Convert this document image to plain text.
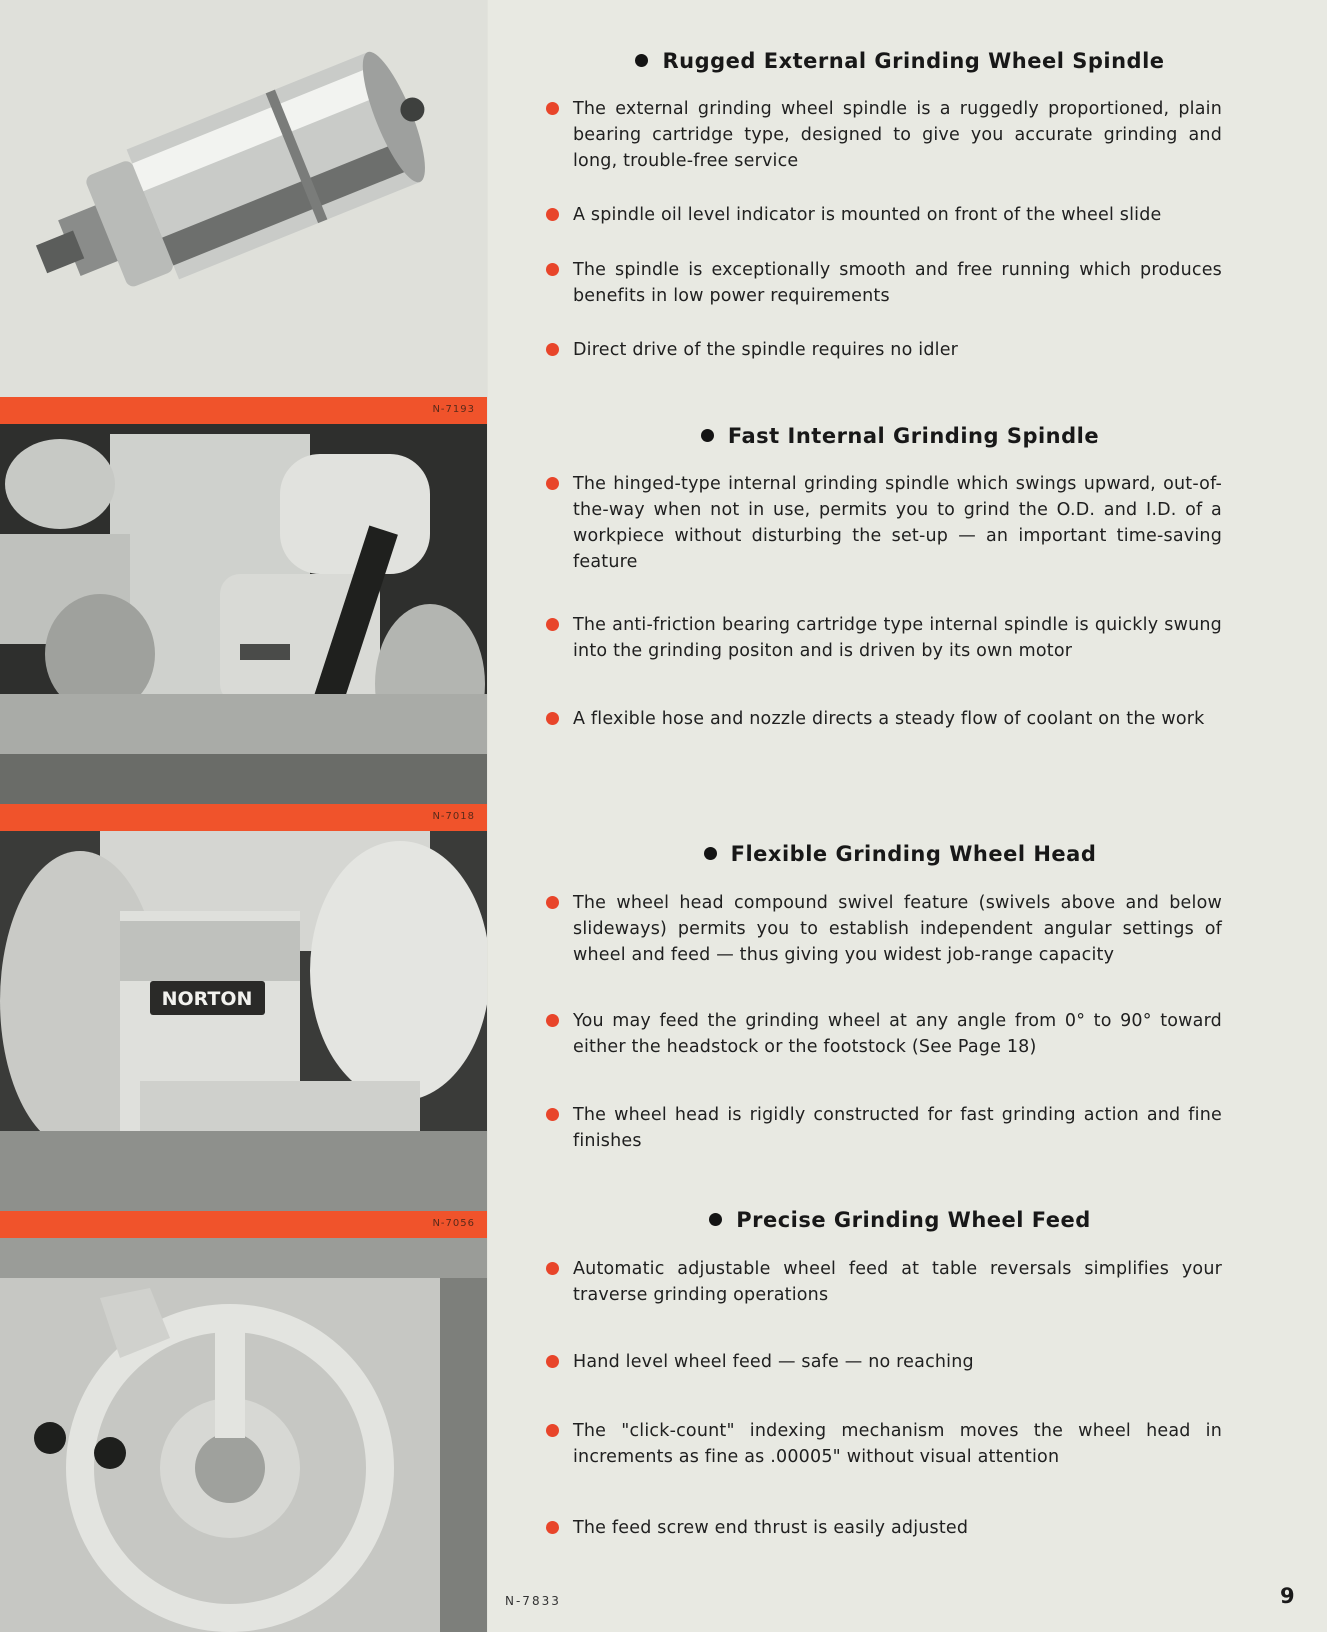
N-7193
N-7018
NORTON
N-7056
Rugged External Grinding Wheel Spindle
The external grinding wheel spindle is a ruggedly proportioned, plain bearing cartridge type, designed to give you accurate grinding and long, trouble-free service
A spindle oil level indicator is mounted on front of the wheel slide
The spindle is exceptionally smooth and free running which produces benefits in low power requirements
Direct drive of the spindle requires no idler
Fast Internal Grinding Spindle
The hinged-type internal grinding spindle which swings upward, out-of-the-way when not in use, permits you to grind the O.D. and I.D. of a workpiece without disturbing the set-up — an important time-saving feature
The anti-friction bearing cartridge type internal spindle is quickly swung into the grinding positon and is driven by its own motor
A flexible hose and nozzle directs a steady flow of coolant on the work
Flexible Grinding Wheel Head
The wheel head compound swivel feature (swivels above and below slideways) permits you to establish independent angular settings of wheel and feed — thus giving you widest job-range capacity
You may feed the grinding wheel at any angle from 0° to 90° toward either the headstock or the footstock (See Page 18)
The wheel head is rigidly constructed for fast grinding action and fine finishes
Precise Grinding Wheel Feed
Automatic adjustable wheel feed at table reversals simplifies your traverse grinding operations
Hand level wheel feed — safe — no reaching
The "click-count" indexing mechanism moves the wheel head in increments as fine as .00005" without visual attention
The feed screw end thrust is easily adjusted
N-7833	9
